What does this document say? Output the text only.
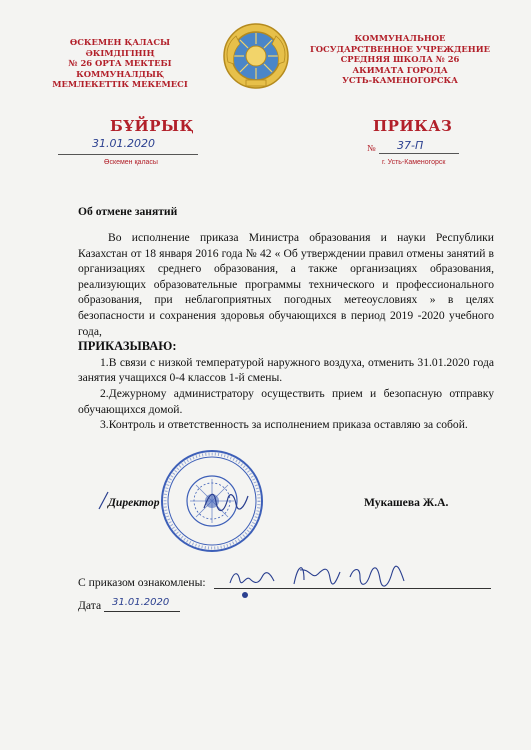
ӨСКЕМЕН ҚАЛАСЫ
ӘКІМДІГІНІҢ
№ 26 ОРТА МЕКТЕБІ
КОММУНАЛДЫҚ
МЕМЛЕКЕТТІК МЕКЕМЕСІ
КОММУНАЛЬНОЕ
ГОСУДАРСТВЕННОЕ УЧРЕЖДЕНИЕ
СРЕДНЯЯ ШКОЛА № 26
АКИМАТА ГОРОДА
УСТЬ-КАМЕНОГОРСКА
БҰЙРЫҚ	ПРИКАЗ
31.01.2020
Өскемен қаласы
№ 37-П
г. Усть-Каменогорск
Об отмене занятий

Во исполнение приказа Министра образования и науки Республики Казахстан от 18 января 2016 года № 42 « Об утверждении правил отмены занятий в организациях среднего образования, а также организациях образования, реализующих образовательные программы технического и профессионального образования, при неблагоприятных погодных метеоусловиях » в целях безопасности и сохранения здоровья обучающихся в период 2019 -2020 учебного года,

ПРИКАЗЫВАЮ:

1.В связи с низкой температурой наружного воздуха, отменить 31.01.2020 года занятия учащихся 0-4 классов 1-й смены.

2.Дежурному администратору осуществить прием и безопасную отправку обучающихся домой.

3.Контроль и ответственность за исполнением приказа оставляю за собой.

Директор	Мукашева Ж.А.
С приказом ознакомлены:
Дата 31.01.2020
